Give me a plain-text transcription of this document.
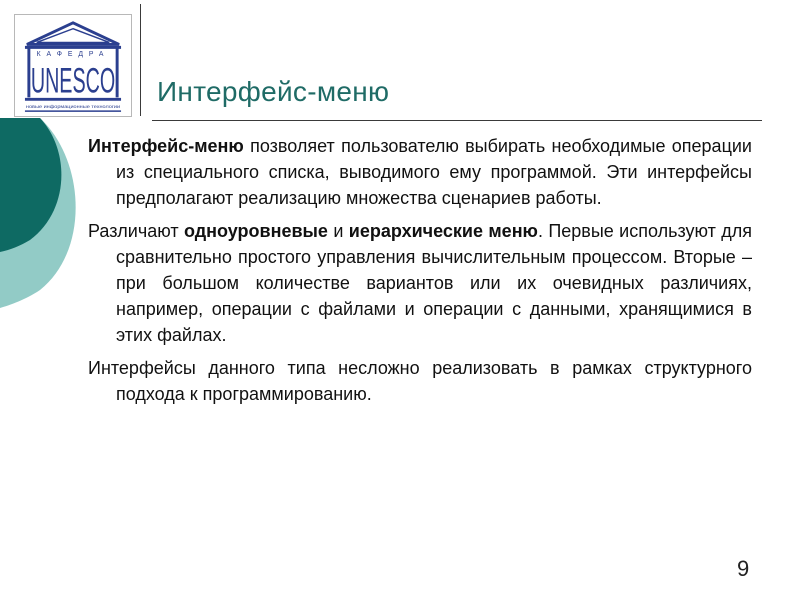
КАФЕДРА
UNESCO
новые информационные технологии
Интерфейс-меню

Интерфейс-меню позволяет пользователю выбирать необходимые операции из специального списка, выводимого ему программой. Эти интерфейсы предполагают реализацию множества сценариев работы.

Различают одноуровневые и иерархические меню. Первые используют для сравнительно простого управления вычислительным процессом. Вторые – при большом количестве вариантов или их очевидных различиях, например, операции с файлами и операции с данными, хранящимися в этих файлах.

Интерфейсы данного типа несложно реализовать в рамках структурного подхода к программированию.

9
